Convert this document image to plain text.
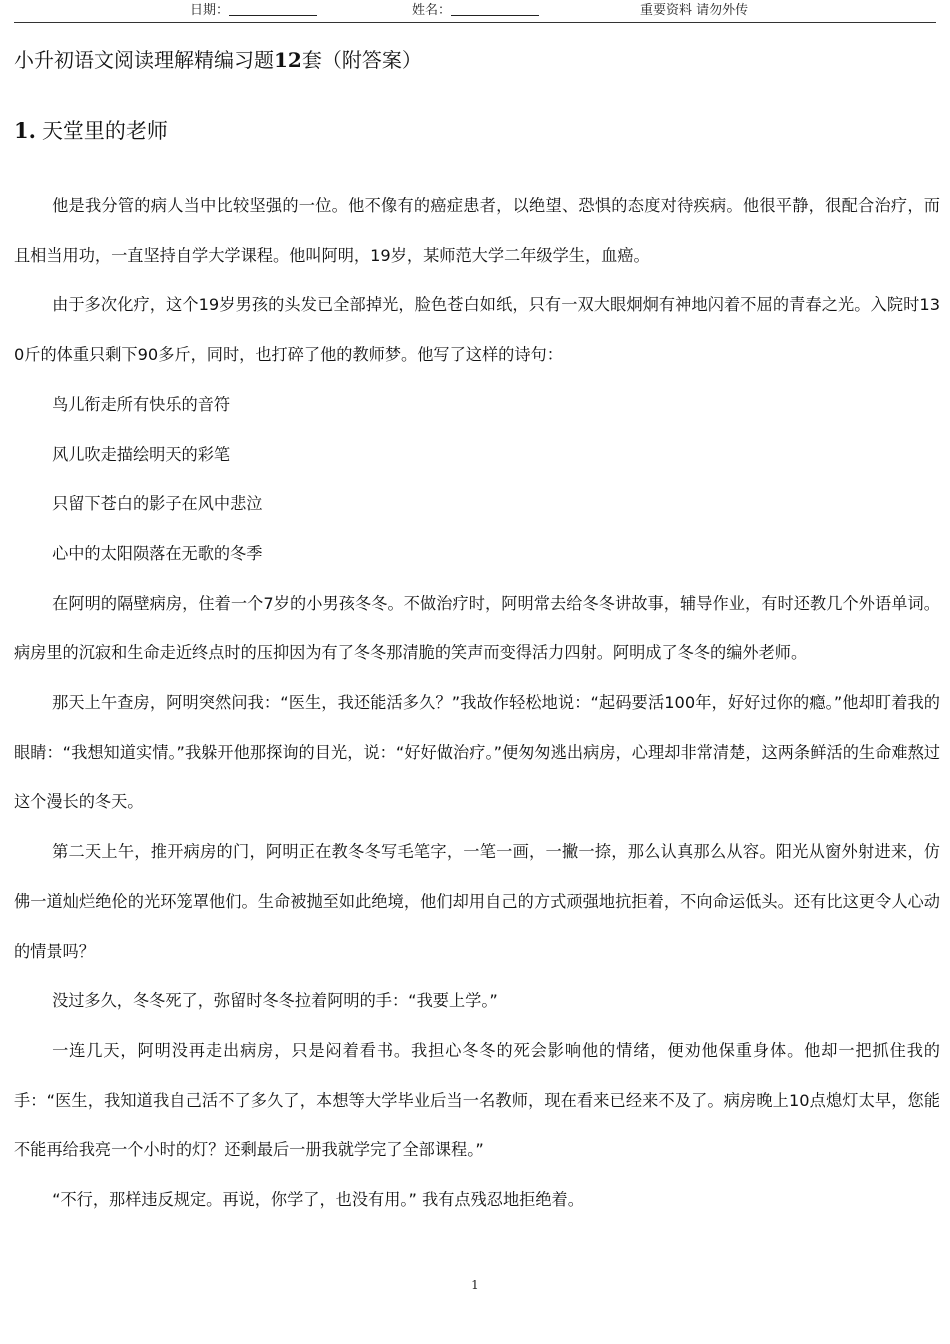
日期：	姓名：	重要资料 请勿外传
小升初语文阅读理解精编习题12套（附答案）
1. 天堂里的老师

他是我分管的病人当中比较坚强的一位。他不像有的癌症患者，以绝望、恐惧的态度对待疾病。他很平静，很配合治疗，而且相当用功，一直坚持自学大学课程。他叫阿明，19岁，某师范大学二年级学生，血癌。

由于多次化疗，这个19岁男孩的头发已全部掉光，脸色苍白如纸，只有一双大眼炯炯有神地闪着不屈的青春之光。入院时130斤的体重只剩下90多斤，同时，也打碎了他的教师梦。他写了这样的诗句：

鸟儿衔走所有快乐的音符

风儿吹走描绘明天的彩笔

只留下苍白的影子在风中悲泣

心中的太阳陨落在无歌的冬季

在阿明的隔壁病房，住着一个7岁的小男孩冬冬。不做治疗时，阿明常去给冬冬讲故事，辅导作业，有时还教几个外语单词。病房里的沉寂和生命走近终点时的压抑因为有了冬冬那清脆的笑声而变得活力四射。阿明成了冬冬的编外老师。

那天上午查房，阿明突然问我：“医生，我还能活多久？”我故作轻松地说：“起码要活100年，好好过你的瘾。”他却盯着我的眼睛：“我想知道实情。”我躲开他那探询的目光，说：“好好做治疗。”便匆匆逃出病房，心理却非常清楚，这两条鲜活的生命难熬过这个漫长的冬天。

第二天上午，推开病房的门，阿明正在教冬冬写毛笔字，一笔一画，一撇一捺，那么认真那么从容。阳光从窗外射进来，仿佛一道灿烂绝伦的光环笼罩他们。生命被抛至如此绝境，他们却用自己的方式顽强地抗拒着，不向命运低头。还有比这更令人心动的情景吗？

没过多久，冬冬死了，弥留时冬冬拉着阿明的手：“我要上学。”

一连几天，阿明没再走出病房，只是闷着看书。我担心冬冬的死会影响他的情绪，便劝他保重身体。他却一把抓住我的手：“医生，我知道我自己活不了多久了，本想等大学毕业后当一名教师，现在看来已经来不及了。病房晚上10点熄灯太早，您能不能再给我亮一个小时的灯？还剩最后一册我就学完了全部课程。”

“不行，那样违反规定。再说，你学了，也没有用。” 我有点残忍地拒绝着。

1
